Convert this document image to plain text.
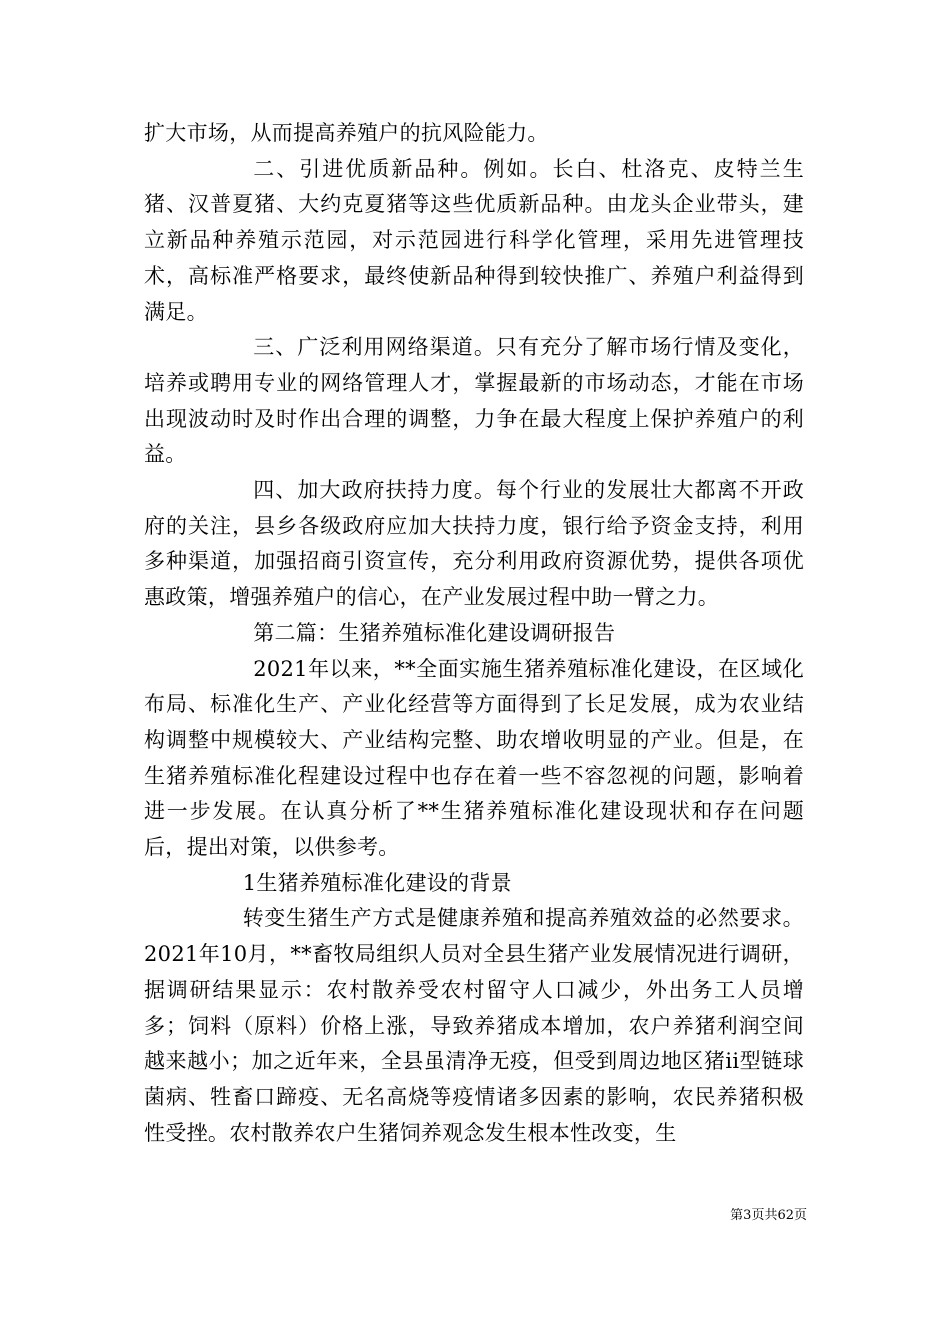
扩大市场，从而提高养殖户的抗风险能力。

二、引进优质新品种。例如。长白、杜洛克、皮特兰生猪、汉普夏猪、大约克夏猪等这些优质新品种。由龙头企业带头，建立新品种养殖示范园，对示范园进行科学化管理，采用先进管理技术，高标准严格要求，最终使新品种得到较快推广、养殖户利益得到满足。

三、广泛利用网络渠道。只有充分了解市场行情及变化，培养或聘用专业的网络管理人才，掌握最新的市场动态，才能在市场出现波动时及时作出合理的调整，力争在最大程度上保护养殖户的利益。

四、加大政府扶持力度。每个行业的发展壮大都离不开政府的关注，县乡各级政府应加大扶持力度，银行给予资金支持，利用多种渠道，加强招商引资宣传，充分利用政府资源优势，提供各项优惠政策，增强养殖户的信心，在产业发展过程中助一臂之力。

第二篇：生猪养殖标准化建设调研报告

2021年以来，**全面实施生猪养殖标准化建设，在区域化布局、标准化生产、产业化经营等方面得到了长足发展，成为农业结构调整中规模较大、产业结构完整、助农增收明显的产业。但是，在生猪养殖标准化程建设过程中也存在着一些不容忽视的问题，影响着进一步发展。在认真分析了**生猪养殖标准化建设现状和存在问题后，提出对策，以供参考。

1生猪养殖标准化建设的背景

转变生猪生产方式是健康养殖和提高养殖效益的必然要求。2021年10月，**畜牧局组织人员对全县生猪产业发展情况进行调研，据调研结果显示：农村散养受农村留守人口减少，外出务工人员增多；饲料（原料）价格上涨，导致养猪成本增加，农户养猪利润空间越来越小；加之近年来，全县虽清净无疫，但受到周边地区猪ii型链球菌病、牲畜口蹄疫、无名高烧等疫情诸多因素的影响，农民养猪积极性受挫。农村散养农户生猪饲养观念发生根本性改变，生

第3页共62页
